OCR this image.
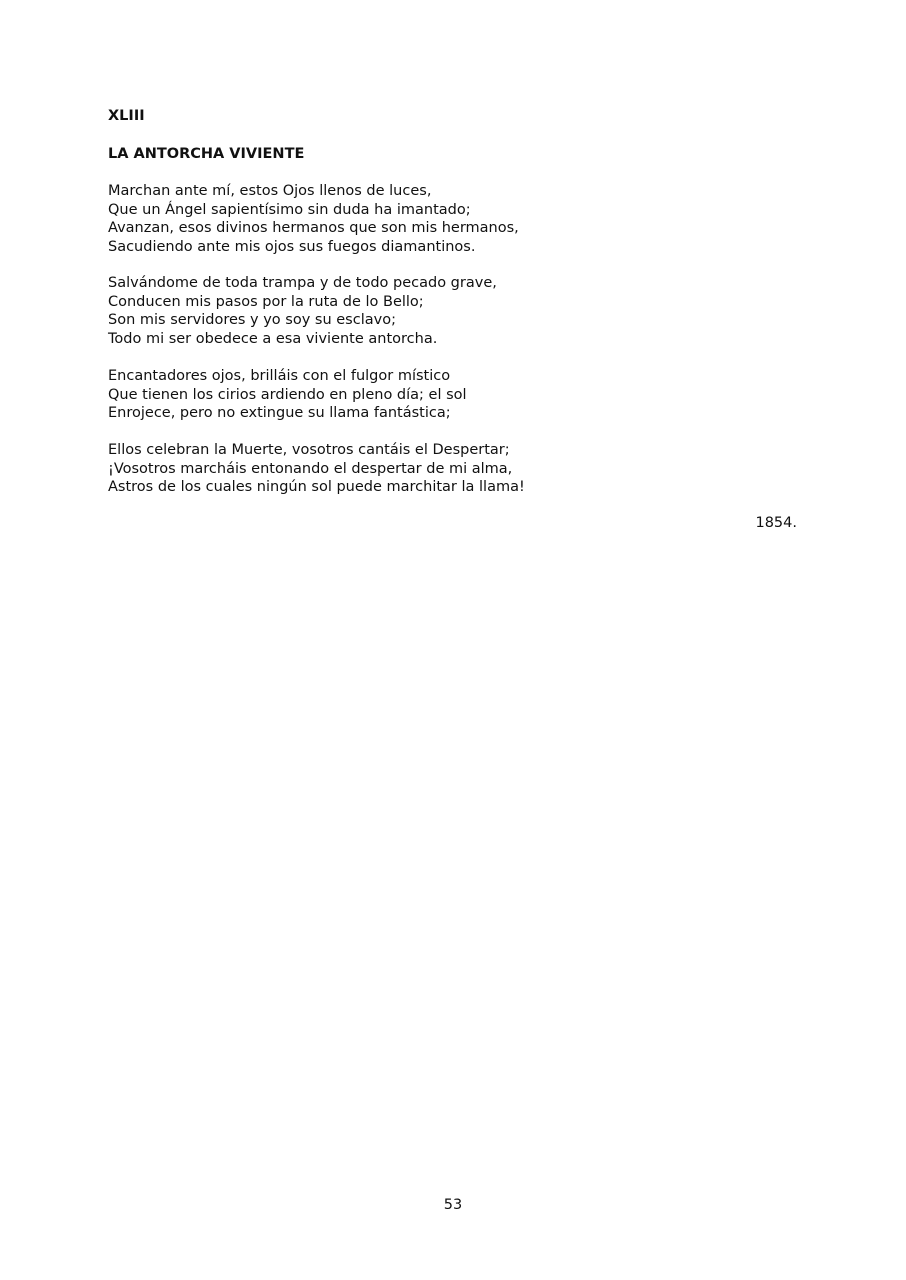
XLIII
LA ANTORCHA VIVIENTE

Marchan ante mí, estos Ojos llenos de luces,
Que un Ángel sapientísimo sin duda ha imantado;
Avanzan, esos divinos hermanos que son mis hermanos,
Sacudiendo ante mis ojos sus fuegos diamantinos.

Salvándome de toda trampa y de todo pecado grave,
Conducen mis pasos por la ruta de lo Bello;
Son mis servidores y yo soy su esclavo;
Todo mi ser obedece a esa viviente antorcha.

Encantadores ojos, brilláis con el fulgor místico
Que tienen los cirios ardiendo en pleno día; el sol
Enrojece, pero no extingue su llama fantástica;

Ellos celebran la Muerte, vosotros cantáis el Despertar;
¡Vosotros marcháis entonando el despertar de mi alma,
Astros de los cuales ningún sol puede marchitar la llama!

1854.
53
